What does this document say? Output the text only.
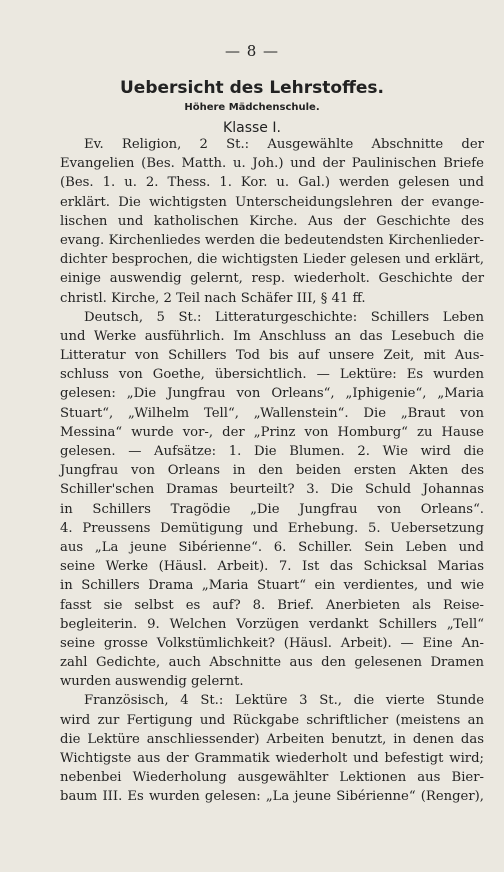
— 8 —
Uebersicht des Lehrstoffes.
Höhere Mädchenschule.
Klasse I.
Ev. Religion, 2 St.: Ausgewählte Abschnitte der
Evangelien (Bes. Matth. u. Joh.) und der Paulinischen Briefe
(Bes. 1. u. 2. Thess. 1. Kor. u. Gal.) werden gelesen und
erklärt. Die wichtigsten Unterscheidungslehren der evange-
lischen und katholischen Kirche. Aus der Geschichte des
evang. Kirchenliedes werden die bedeutendsten Kirchenlieder-
dichter besprochen, die wichtigsten Lieder gelesen und erklärt,
einige auswendig gelernt, resp. wiederholt. Geschichte der
christl. Kirche, 2 Teil nach Schäfer III, § 41 ff.
Deutsch, 5 St.: Litteraturgeschichte: Schillers Leben
und Werke ausführlich. Im Anschluss an das Lesebuch die
Litteratur von Schillers Tod bis auf unsere Zeit, mit Aus-
schluss von Goethe, übersichtlich. — Lektüre: Es wurden
gelesen: „Die Jungfrau von Orleans“, „Iphigenie“, „Maria
Stuart“, „Wilhelm Tell“, „Wallenstein“. Die „Braut von
Messina“ wurde vor-, der „Prinz von Homburg“ zu Hause
gelesen. — Aufsätze: 1. Die Blumen. 2. Wie wird die
Jungfrau von Orleans in den beiden ersten Akten des
Schiller'schen Dramas beurteilt? 3. Die Schuld Johannas
in Schillers Tragödie „Die Jungfrau von Orleans“.
4. Preussens Demütigung und Erhebung. 5. Uebersetzung
aus „La jeune Sibérienne“. 6. Schiller. Sein Leben und
seine Werke (Häusl. Arbeit). 7. Ist das Schicksal Marias
in Schillers Drama „Maria Stuart“ ein verdientes, und wie
fasst sie selbst es auf? 8. Brief. Anerbieten als Reise-
begleiterin. 9. Welchen Vorzügen verdankt Schillers „Tell“
seine grosse Volkstümlichkeit? (Häusl. Arbeit). — Eine An-
zahl Gedichte, auch Abschnitte aus den gelesenen Dramen
wurden auswendig gelernt.
Französisch, 4 St.: Lektüre 3 St., die vierte Stunde
wird zur Fertigung und Rückgabe schriftlicher (meistens an
die Lektüre anschliessender) Arbeiten benutzt, in denen das
Wichtigste aus der Grammatik wiederholt und befestigt wird;
nebenbei Wiederholung ausgewählter Lektionen aus Bier-
baum III. Es wurden gelesen: „La jeune Sibérienne“ (Renger),
